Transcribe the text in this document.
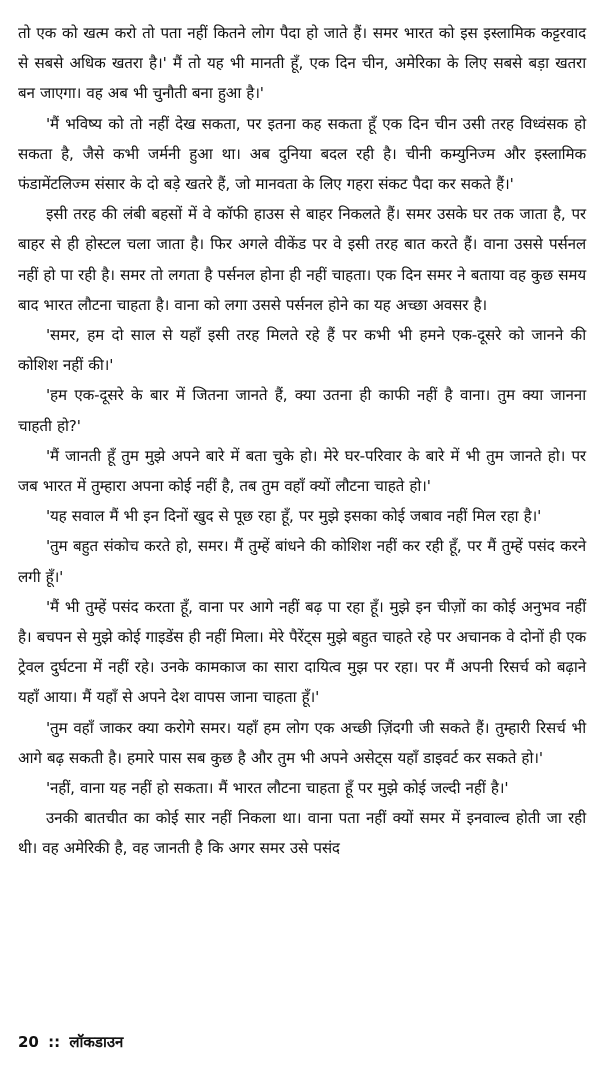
तो एक को खत्म करो तो पता नहीं कितने लोग पैदा हो जाते हैं। समर भारत को इस इस्लामिक कट्टरवाद से सबसे अधिक खतरा है।' मैं तो यह भी मानती हूँ, एक दिन चीन, अमेरिका के लिए सबसे बड़ा खतरा बन जाएगा। वह अब भी चुनौती बना हुआ है।'

'मैं भविष्य को तो नहीं देख सकता, पर इतना कह सकता हूँ एक दिन चीन उसी तरह विध्वंसक हो सकता है, जैसे कभी जर्मनी हुआ था। अब दुनिया बदल रही है। चीनी कम्युनिज्म और इस्लामिक फंडामेंटलिज्म संसार के दो बड़े खतरे हैं, जो मानवता के लिए गहरा संकट पैदा कर सकते हैं।'

इसी तरह की लंबी बहसों में वे कॉफी हाउस से बाहर निकलते हैं। समर उसके घर तक जाता है, पर बाहर से ही होस्टल चला जाता है। फिर अगले वीकेंड पर वे इसी तरह बात करते हैं। वाना उससे पर्सनल नहीं हो पा रही है। समर तो लगता है पर्सनल होना ही नहीं चाहता। एक दिन समर ने बताया वह कुछ समय बाद भारत लौटना चाहता है। वाना को लगा उससे पर्सनल होने का यह अच्छा अवसर है।

'समर, हम दो साल से यहाँ इसी तरह मिलते रहे हैं पर कभी भी हमने एक-दूसरे को जानने की कोशिश नहीं की।'

'हम एक-दूसरे के बार में जितना जानते हैं, क्या उतना ही काफी नहीं है वाना। तुम क्या जानना चाहती हो?'

'मैं जानती हूँ तुम मुझे अपने बारे में बता चुके हो। मेरे घर-परिवार के बारे में भी तुम जानते हो। पर जब भारत में तुम्हारा अपना कोई नहीं है, तब तुम वहाँ क्यों लौटना चाहते हो।'

'यह सवाल मैं भी इन दिनों खुद से पूछ रहा हूँ, पर मुझे इसका कोई जबाव नहीं मिल रहा है।'

'तुम बहुत संकोच करते हो, समर। मैं तुम्हें बांधने की कोशिश नहीं कर रही हूँ, पर मैं तुम्हें पसंद करने लगी हूँ।'

'मैं भी तुम्हें पसंद करता हूँ, वाना पर आगे नहीं बढ़ पा रहा हूँ। मुझे इन चीज़ों का कोई अनुभव नहीं है। बचपन से मुझे कोई गाइडेंस ही नहीं मिला। मेरे पैरेंट्स मुझे बहुत चाहते रहे पर अचानक वे दोनों ही एक ट्रेवल दुर्घटना में नहीं रहे। उनके कामकाज का सारा दायित्व मुझ पर रहा। पर मैं अपनी रिसर्च को बढ़ाने यहाँ आया। मैं यहाँ से अपने देश वापस जाना चाहता हूँ।'

'तुम वहाँ जाकर क्या करोगे समर। यहाँ हम लोग एक अच्छी ज़िंदगी जी सकते हैं। तुम्हारी रिसर्च भी आगे बढ़ सकती है। हमारे पास सब कुछ है और तुम भी अपने असेट्स यहाँ डाइवर्ट कर सकते हो।'

'नहीं, वाना यह नहीं हो सकता। मैं भारत लौटना चाहता हूँ पर मुझे कोई जल्दी नहीं है।'

उनकी बातचीत का कोई सार नहीं निकला था। वाना पता नहीं क्यों समर में इनवाल्व होती जा रही थी। वह अमेरिकी है, वह जानती है कि अगर समर उसे पसंद

20 :: लॉकडाउन
